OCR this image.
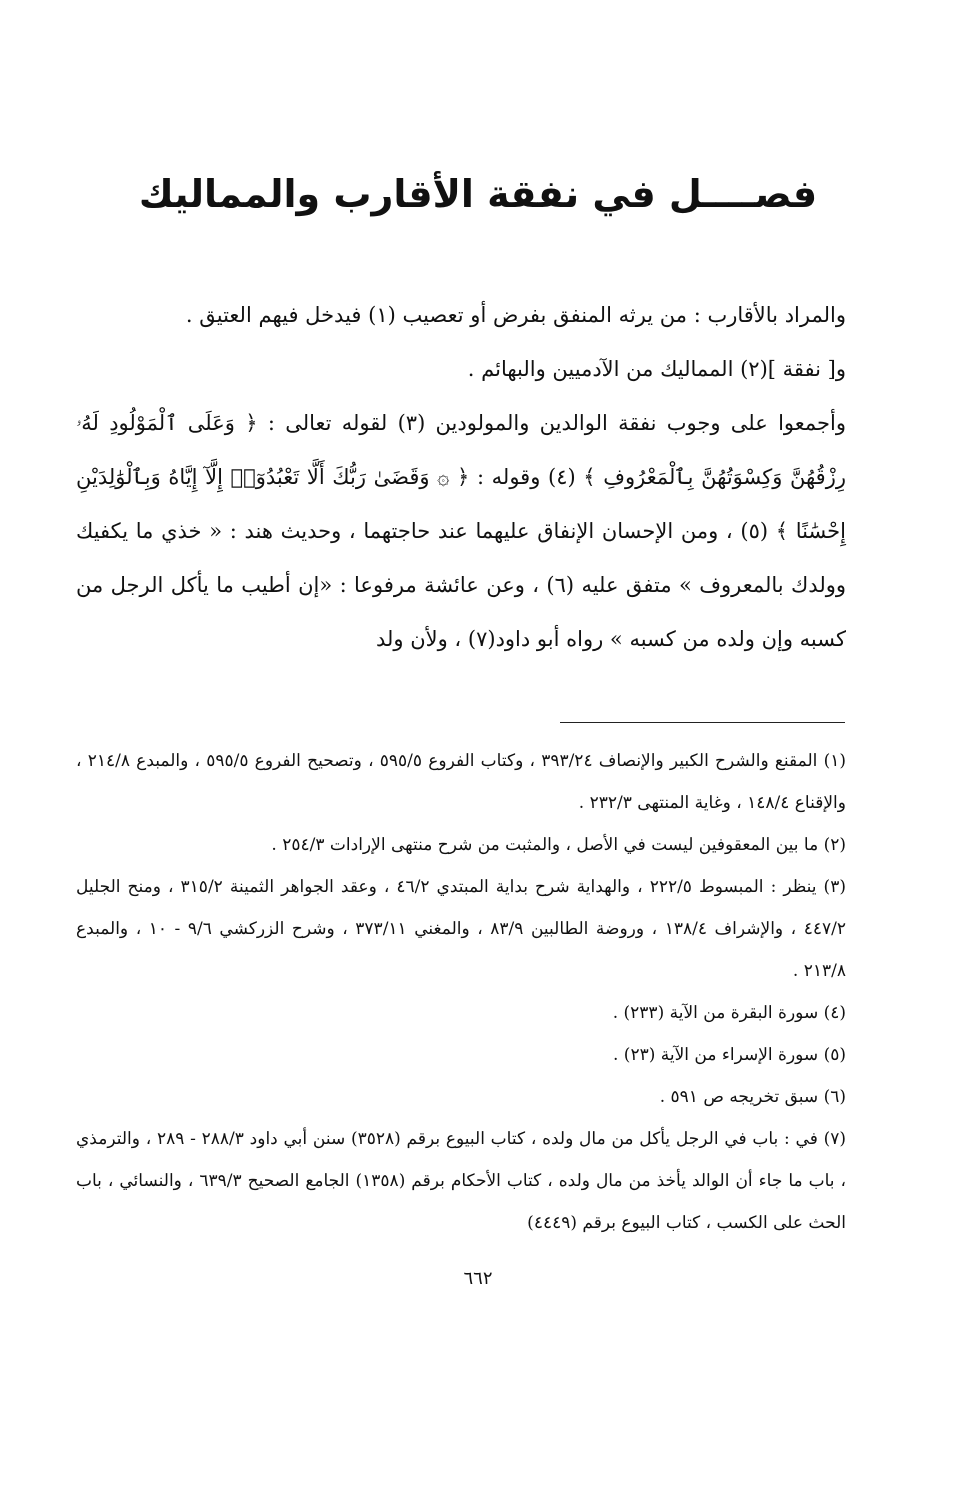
فصــــل في نفقة الأقارب والمماليك

والمراد بالأقارب : من يرثه المنفق بفرض أو تعصيب (١) فيدخل فيهم العتيق .

و[ نفقة ](٢) المماليك من الآدميين والبهائم .

وأجمعوا على وجوب نفقة الوالدين والمولودين (٣) لقوله تعالى : ﴿ وَعَلَى ٱلْمَوْلُودِ لَهُۥ رِزْقُهُنَّ وَكِسْوَتُهُنَّ بِٱلْمَعْرُوفِ ﴾ (٤) وقوله : ﴿ ۞ وَقَضَىٰ رَبُّكَ أَلَّا تَعْبُدُوٓا۟ إِلَّآ إِيَّاهُ وَبِٱلْوَٰلِدَيْنِ إِحْسَٰنًا ﴾ (٥) ، ومن الإحسان الإنفاق عليهما عند حاجتهما ، وحديث هند : « خذي ما يكفيك وولدك بالمعروف » متفق عليه (٦) ، وعن عائشة مرفوعا : «إن أطيب ما يأكل الرجل من كسبه وإن ولده من كسبه » رواه أبو داود(٧) ، ولأن ولد

(١) المقنع والشرح الكبير والإنصاف ٣٩٣/٢٤ ، وكتاب الفروع ٥٩٥/٥ ، وتصحيح الفروع ٥٩٥/٥ ، والمبدع ٢١٤/٨ ، والإقناع ١٤٨/٤ ، وغاية المنتهى ٢٣٢/٣ .

(٢) ما بين المعقوفين ليست في الأصل ، والمثبت من شرح منتهى الإرادات ٢٥٤/٣ .

(٣) ينظر : المبسوط ٢٢٢/٥ ، والهداية شرح بداية المبتدي ٤٦/٢ ، وعقد الجواهر الثمينة ٣١٥/٢ ، ومنح الجليل ٤٤٧/٢ ، والإشراف ١٣٨/٤ ، وروضة الطالبين ٨٣/٩ ، والمغني ٣٧٣/١١ ، وشرح الزركشي ٩/٦ - ١٠ ، والمبدع ٢١٣/٨ .

(٤) سورة البقرة من الآية (٢٣٣) .

(٥) سورة الإسراء من الآية (٢٣) .

(٦) سبق تخريجه ص ٥٩١ .

(٧) في : باب في الرجل يأكل من مال ولده ، كتاب البيوع برقم (٣٥٢٨) سنن أبي داود ٢٨٨/٣ - ٢٨٩ ، والترمذي ، باب ما جاء أن الوالد يأخذ من مال ولده ، كتاب الأحكام برقم (١٣٥٨) الجامع الصحيح ٦٣٩/٣ ، والنسائي ، باب الحث على الكسب ، كتاب البيوع برقم (٤٤٤٩)

٦٦٢
